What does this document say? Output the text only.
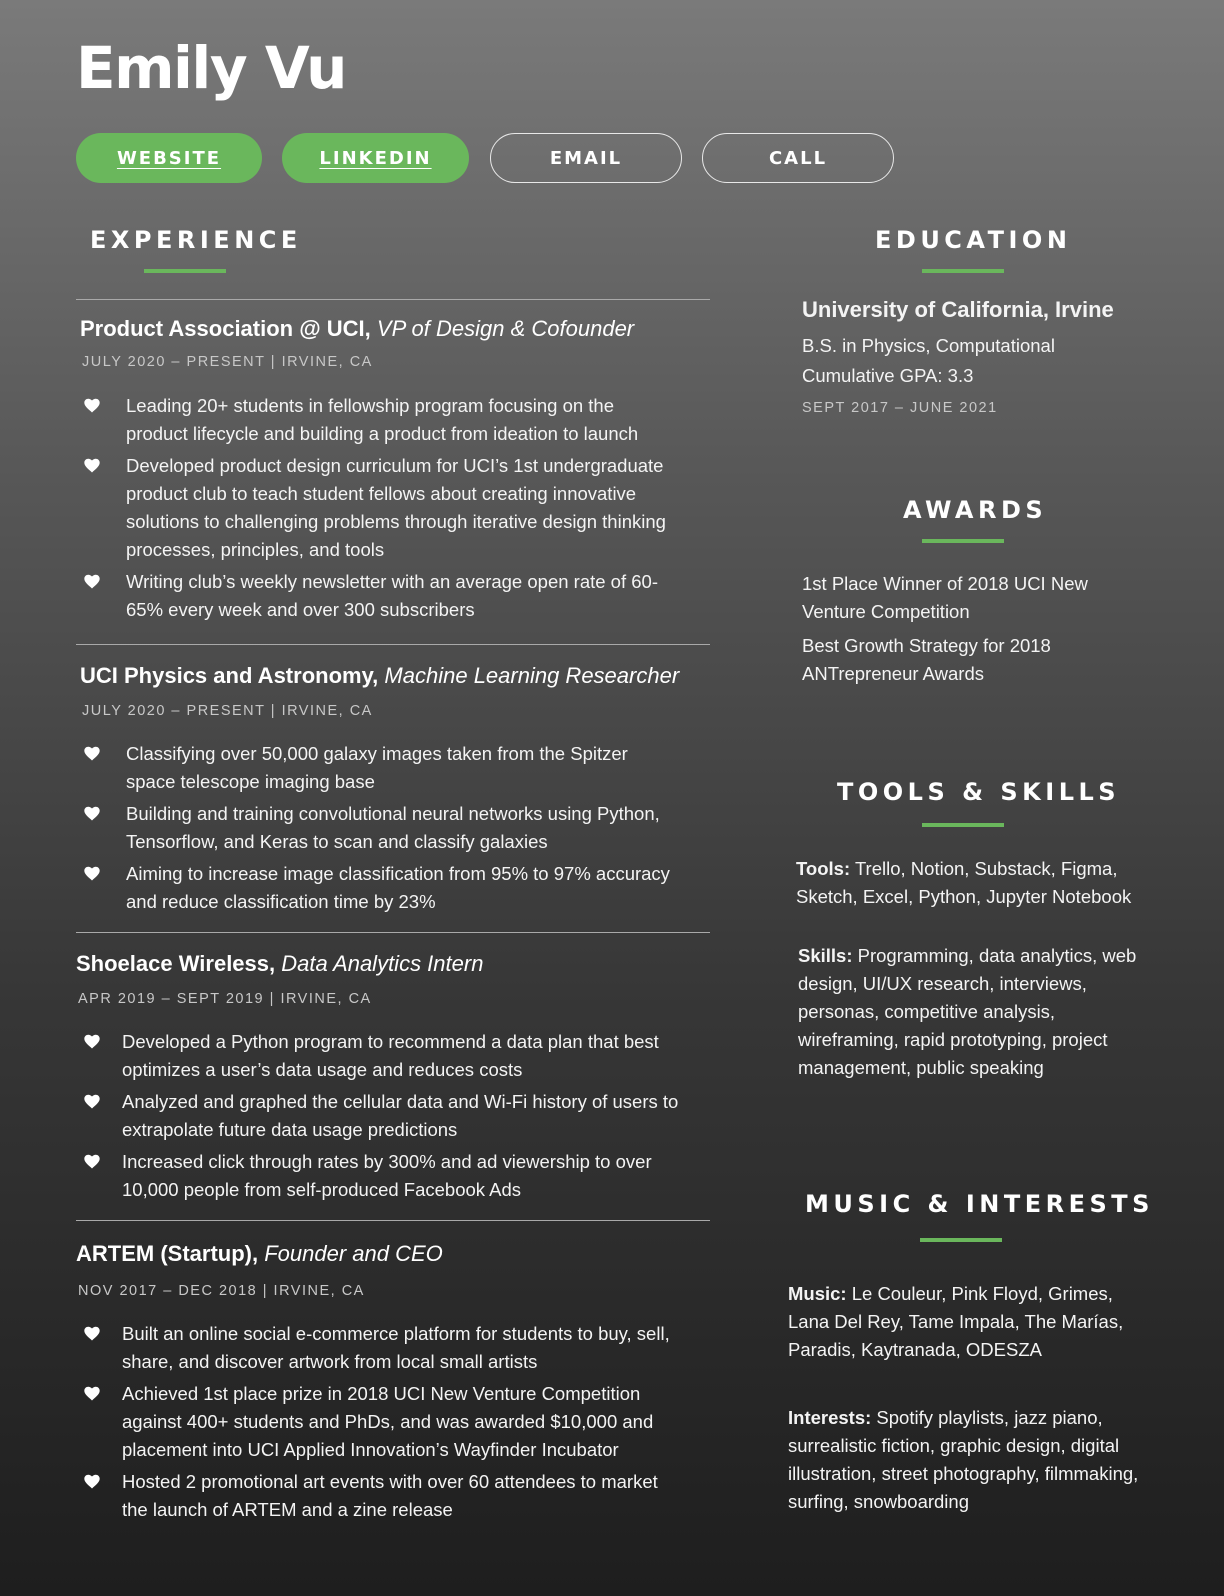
Emily Vu
WEBSITE	LINKEDIN	EMAIL	CALL
EXPERIENCE

Product Association @ UCI, VP of Design & Cofounder

JULY 2020 – PRESENT | IRVINE, CA

Leading 20+ students in fellowship program focusing on the product lifecycle and building a product from ideation to launch
Developed product design curriculum for UCI’s 1st undergraduate product club to teach student fellows about creating innovative solutions to challenging problems through iterative design thinking processes, principles, and tools
Writing club’s weekly newsletter with an average open rate of 60-65% every week and over 300 subscribers

UCI Physics and Astronomy, Machine Learning Researcher

JULY 2020 – PRESENT | IRVINE, CA

Classifying over 50,000 galaxy images taken from the Spitzer space telescope imaging base
Building and training convolutional neural networks using Python, Tensorflow, and Keras to scan and classify galaxies
Aiming to increase image classification from 95% to 97% accuracy and reduce classification time by 23%

Shoelace Wireless, Data Analytics Intern

APR 2019 – SEPT 2019 | IRVINE, CA

Developed a Python program to recommend a data plan that best optimizes a user’s data usage and reduces costs
Analyzed and graphed the cellular data and Wi-Fi history of users to extrapolate future data usage predictions
Increased click through rates by 300% and ad viewership to over 10,000 people from self-produced Facebook Ads

ARTEM (Startup), Founder and CEO

NOV 2017 – DEC 2018 | IRVINE, CA

Built an online social e-commerce platform for students to buy, sell, share, and discover artwork from local small artists
Achieved 1st place prize in 2018 UCI New Venture Competition against 400+ students and PhDs, and was awarded $10,000 and placement into UCI Applied Innovation’s Wayfinder Incubator
Hosted 2 promotional art events with over 60 attendees to market the launch of ARTEM and a zine release
EDUCATION

University of California, Irvine

B.S. in Physics, Computational

Cumulative GPA: 3.3

SEPT 2017 – JUNE 2021

AWARDS

1st Place Winner of 2018 UCI New Venture Competition

Best Growth Strategy for 2018 ANTrepreneur Awards

TOOLS & SKILLS

Tools: Trello, Notion, Substack, Figma, Sketch, Excel, Python, Jupyter Notebook

Skills: Programming, data analytics, web design, UI/UX research, interviews, personas, competitive analysis, wireframing, rapid prototyping, project management, public speaking

MUSIC & INTERESTS

Music: Le Couleur, Pink Floyd, Grimes, Lana Del Rey, Tame Impala, The Marías, Paradis, Kaytranada, ODESZA

Interests: Spotify playlists, jazz piano, surrealistic fiction, graphic design, digital illustration, street photography, filmmaking, surfing, snowboarding
